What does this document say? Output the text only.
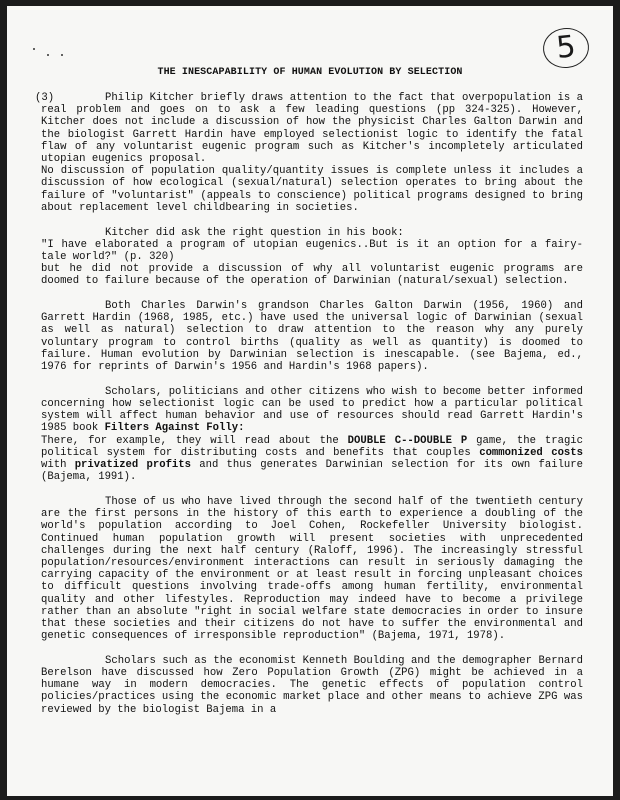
5
THE INESCAPABILITY OF HUMAN EVOLUTION BY SELECTION
(3)	Philip Kitcher briefly draws attention to the fact that overpopulation is a real problem and goes on to ask a few leading questions (pp 324-325). However, Kitcher does not include a discussion of how the physicist Charles Galton Darwin and the biologist Garrett Hardin have employed selectionist logic to identify the fatal flaw of any voluntarist eugenic program such as Kitcher's incompletely articulated utopian eugenics proposal.
No discussion of population quality/quantity issues is complete unless it includes a discussion of how ecological (sexual/natural) selection operates to bring about the failure of "voluntarist" (appeals to conscience) political programs designed to bring about replacement level childbearing in societies.

Kitcher did ask the right question in his book:
"I have elaborated a program of utopian eugenics..But is it an option for a fairy-tale world?" (p. 320)
but he did not provide a discussion of why all voluntarist eugenic programs are doomed to failure because of the operation of Darwinian (natural/sexual) selection.

Both Charles Darwin's grandson Charles Galton Darwin (1956, 1960) and Garrett Hardin (1968, 1985, etc.) have used the universal logic of Darwinian (sexual as well as natural) selection to draw attention to the reason why any purely voluntary program to control births (quality as well as quantity) is doomed to failure. Human evolution by Darwinian selection is inescapable. (see Bajema, ed., 1976 for reprints of Darwin's 1956 and Hardin's 1968 papers).

Scholars, politicians and other citizens who wish to become better informed concerning how selectionist logic can be used to predict how a particular political system will affect human behavior and use of resources should read Garrett Hardin's 1985 book Filters Against Folly:
There, for example, they will read about the DOUBLE C--DOUBLE P game, the tragic political system for distributing costs and benefits that couples commonized costs with privatized profits and thus generates Darwinian selection for its own failure (Bajema, 1991).

Those of us who have lived through the second half of the twentieth century are the first persons in the history of this earth to experience a doubling of the world's population according to Joel Cohen, Rockefeller University biologist. Continued human population growth will present societies with unprecedented challenges during the next half century (Raloff, 1996). The increasingly stressful population/resources/environment interactions can result in seriously damaging the carrying capacity of the environment or at least result in forcing unpleasant choices to difficult questions involving trade-offs among human fertility, environmental quality and other lifestyles. Reproduction may indeed have to become a privilege rather than an absolute "right in social welfare state democracies in order to insure that these societies and their citizens do not have to suffer the environmental and genetic consequences of irresponsible reproduction" (Bajema, 1971, 1978).

Scholars such as the economist Kenneth Boulding and the demographer Bernard Berelson have discussed how Zero Population Growth (ZPG) might be achieved in a humane way in modern democracies. The genetic effects of population control policies/practices using the economic market place and other means to achieve ZPG was reviewed by the biologist Bajema in a
